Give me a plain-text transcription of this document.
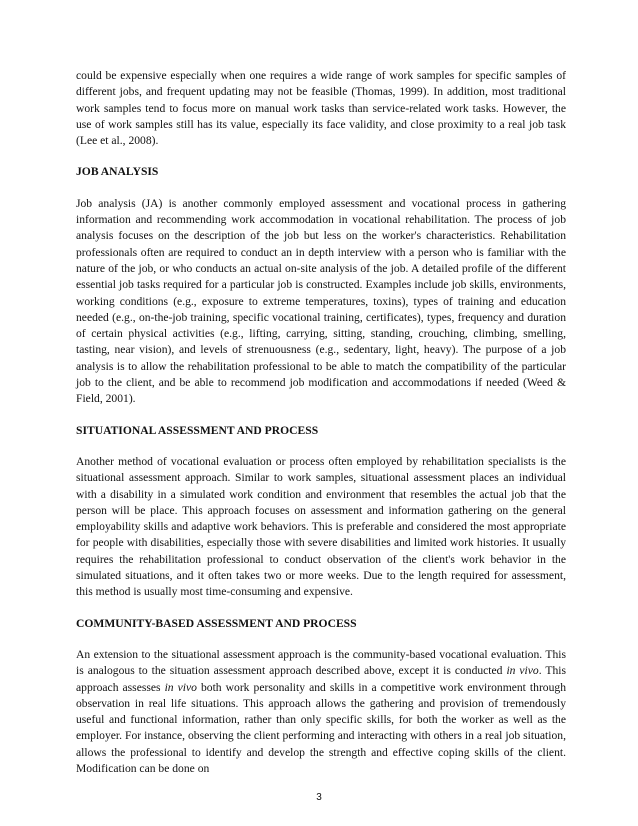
could be expensive especially when one requires a wide range of work samples for specific samples of different jobs, and frequent updating may not be feasible (Thomas, 1999). In addition, most traditional work samples tend to focus more on manual work tasks than service-related work tasks. However, the use of work samples still has its value, especially its face validity, and close proximity to a real job task (Lee et al., 2008).

JOB ANALYSIS

Job analysis (JA) is another commonly employed assessment and vocational process in gathering information and recommending work accommodation in vocational rehabilitation. The process of job analysis focuses on the description of the job but less on the worker's characteristics. Rehabilitation professionals often are required to conduct an in depth interview with a person who is familiar with the nature of the job, or who conducts an actual on-site analysis of the job. A detailed profile of the different essential job tasks required for a particular job is constructed. Examples include job skills, environments, working conditions (e.g., exposure to extreme temperatures, toxins), types of training and education needed (e.g., on-the-job training, specific vocational training, certificates), types, frequency and duration of certain physical activities (e.g., lifting, carrying, sitting, standing, crouching, climbing, smelling, tasting, near vision), and levels of strenuousness (e.g., sedentary, light, heavy). The purpose of a job analysis is to allow the rehabilitation professional to be able to match the compatibility of the particular job to the client, and be able to recommend job modification and accommodations if needed (Weed & Field, 2001).

SITUATIONAL ASSESSMENT AND PROCESS

Another method of vocational evaluation or process often employed by rehabilitation specialists is the situational assessment approach. Similar to work samples, situational assessment places an individual with a disability in a simulated work condition and environment that resembles the actual job that the person will be place. This approach focuses on assessment and information gathering on the general employability skills and adaptive work behaviors. This is preferable and considered the most appropriate for people with disabilities, especially those with severe disabilities and limited work histories. It usually requires the rehabilitation professional to conduct observation of the client's work behavior in the simulated situations, and it often takes two or more weeks. Due to the length required for assessment, this method is usually most time-consuming and expensive.

COMMUNITY-BASED ASSESSMENT AND PROCESS

An extension to the situational assessment approach is the community-based vocational evaluation. This is analogous to the situation assessment approach described above, except it is conducted in vivo. This approach assesses in vivo both work personality and skills in a competitive work environment through observation in real life situations. This approach allows the gathering and provision of tremendously useful and functional information, rather than only specific skills, for both the worker as well as the employer. For instance, observing the client performing and interacting with others in a real job situation, allows the professional to identify and develop the strength and effective coping skills of the client. Modification can be done on

3
